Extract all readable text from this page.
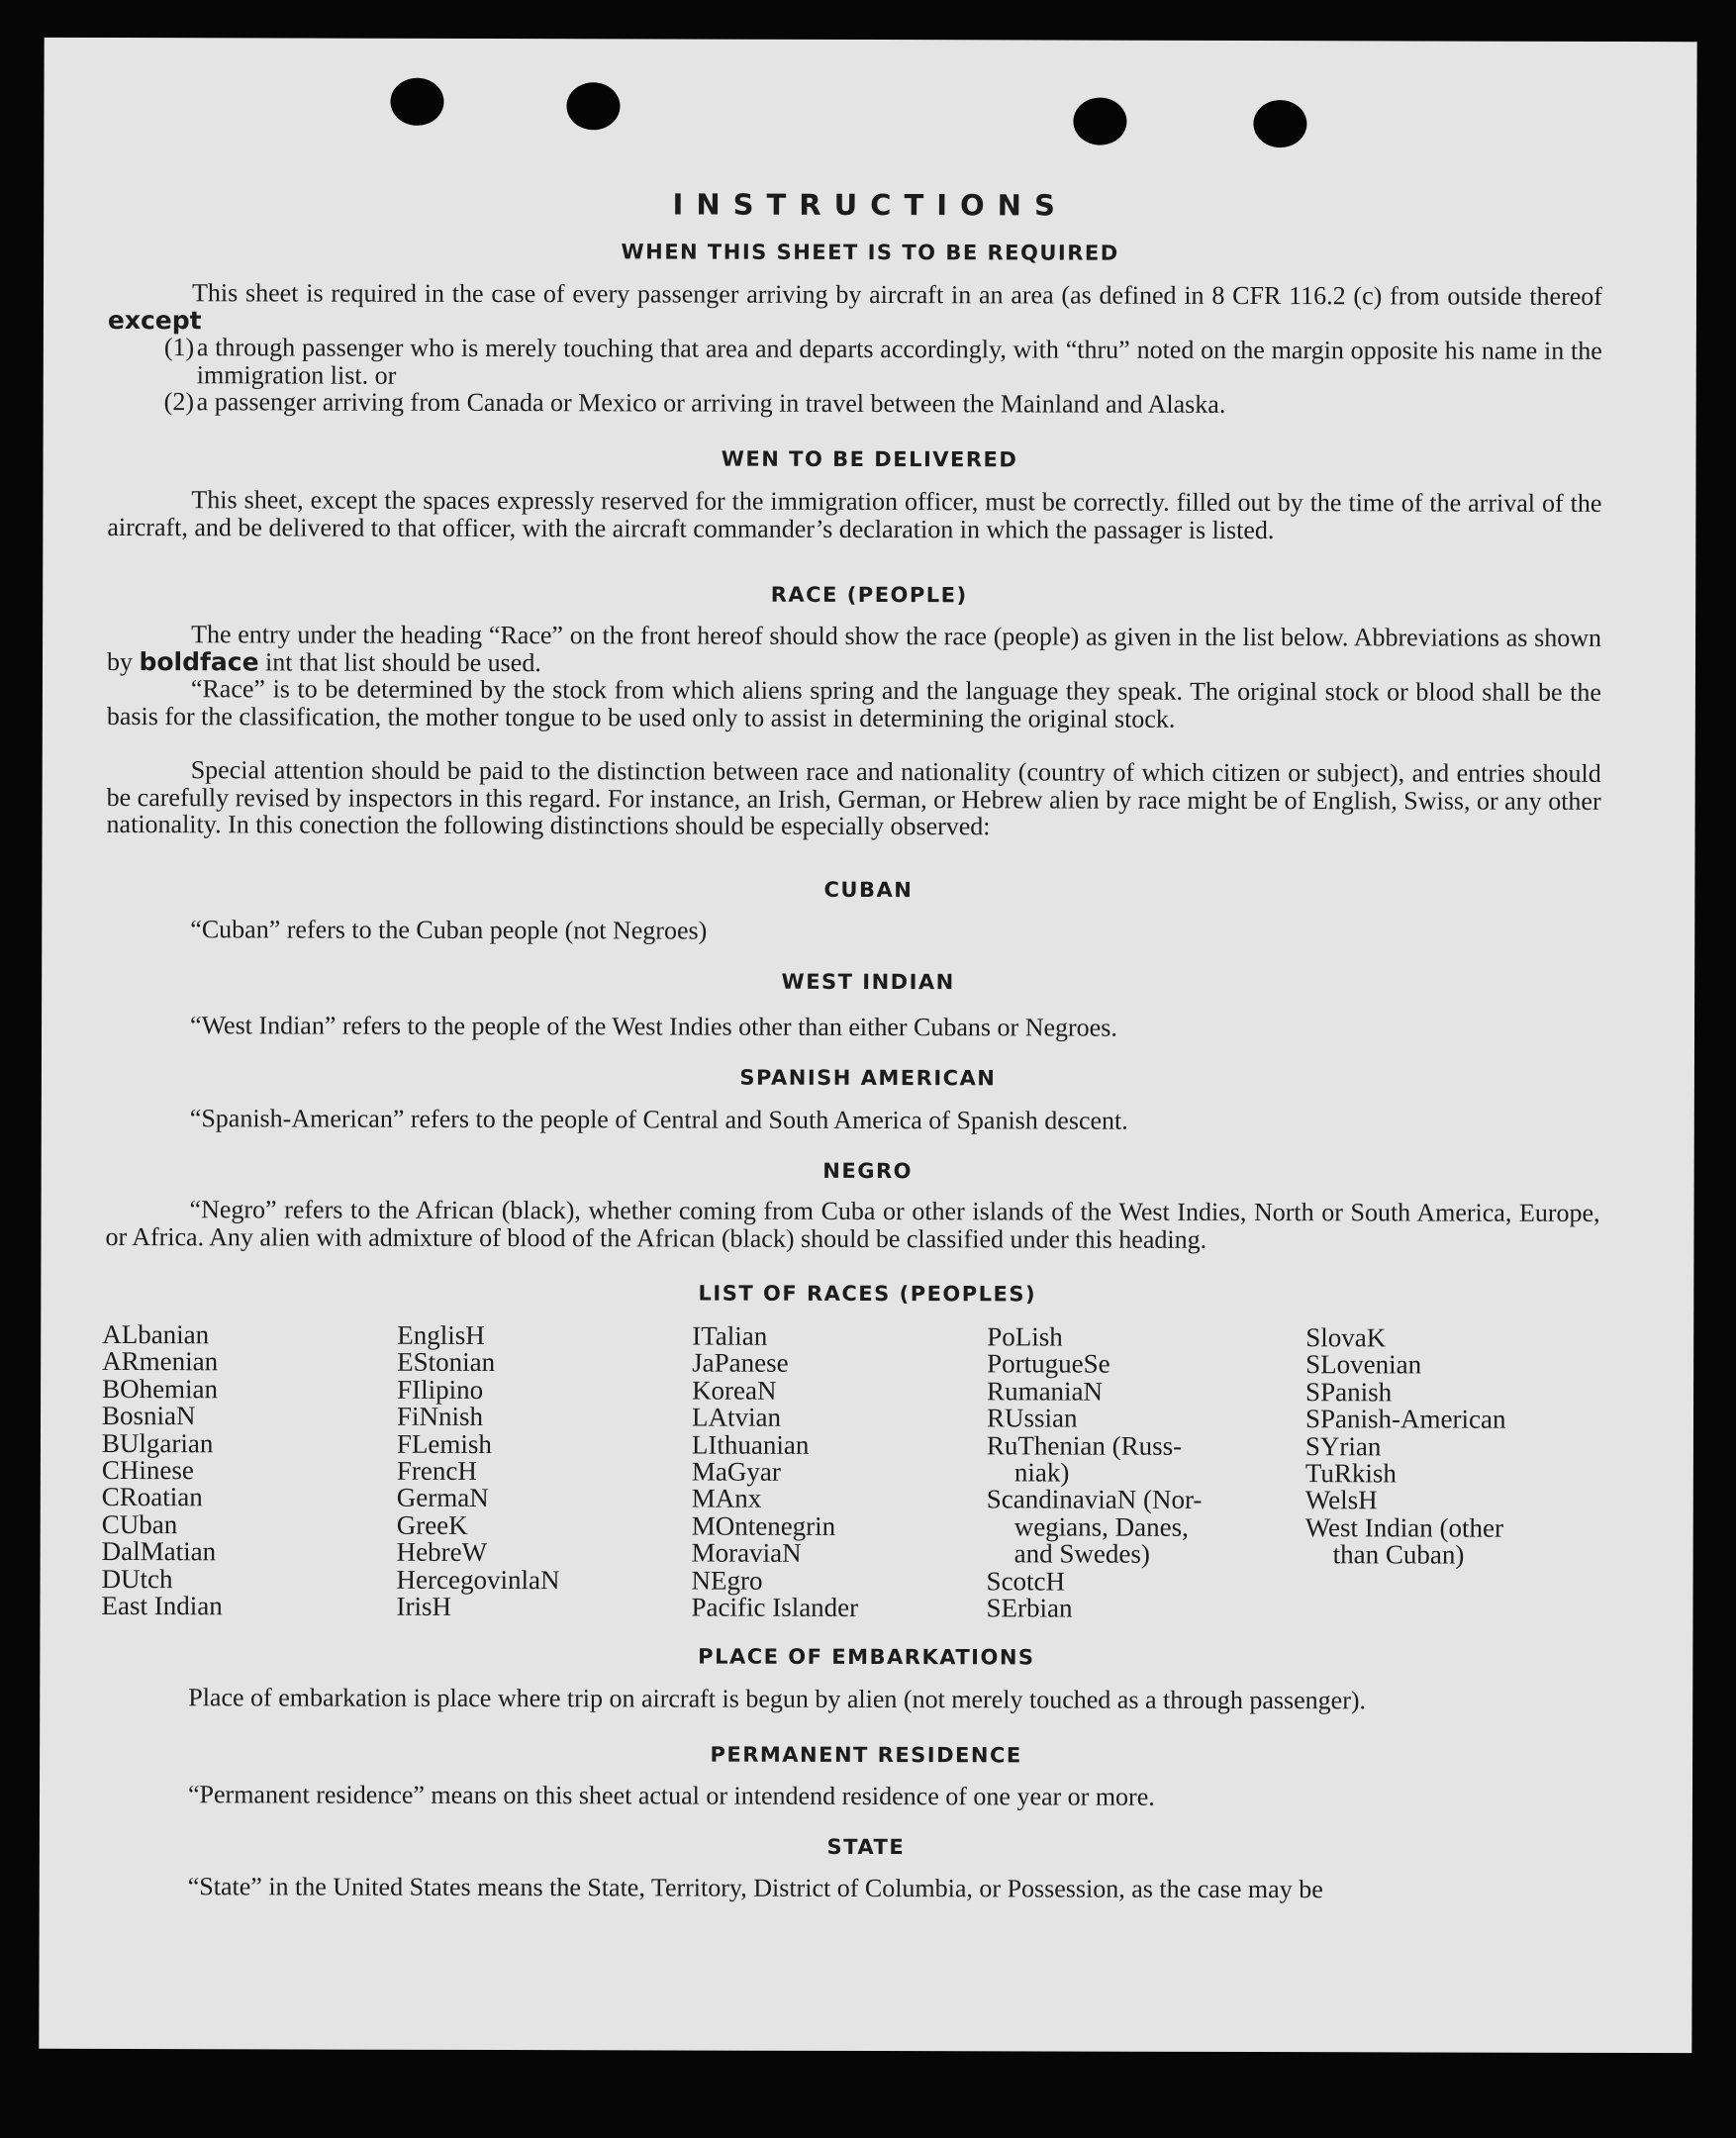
INSTRUCTIONS
WHEN THIS SHEET IS TO BE REQUIRED
This sheet is required in the case of every passenger arriving by aircraft in an area (as defined in 8 CFR 116.2 (c) from outside thereof except
(1) a through passenger who is merely touching that area and departs accordingly, with “thru” noted on the margin opposite his name in the immigration list. or
(2) a passenger arriving from Canada or Mexico or arriving in travel between the Mainland and Alaska.
WEN TO BE DELIVERED
This sheet, except the spaces expressly reserved for the immigration officer, must be correctly. filled out by the time of the arrival of the aircraft, and be delivered to that officer, with the aircraft commander’s declaration in which the passager is listed.
RACE (PEOPLE)
The entry under the heading “Race” on the front hereof should show the race (people) as given in the list below. Abbreviations as shown by boldface int that list should be used.
“Race” is to be determined by the stock from which aliens spring and the language they speak. The original stock or blood shall be the basis for the classification, the mother tongue to be used only to assist in determining the original stock.
Special attention should be paid to the distinction between race and nationality (country of which citizen or subject), and entries should be carefully revised by inspectors in this regard. For instance, an Irish, German, or Hebrew alien by race might be of English, Swiss, or any other nationality. In this conection the following distinctions should be especially observed:
CUBAN
“Cuban” refers to the Cuban people (not Negroes)
WEST INDIAN
“West Indian” refers to the people of the West Indies other than either Cubans or Negroes.
SPANISH AMERICAN
“Spanish-American” refers to the people of Central and South America of Spanish descent.
NEGRO
“Negro” refers to the African (black), whether coming from Cuba or other islands of the West Indies, North or South America, Europe, or Africa. Any alien with admixture of blood of the African (black) should be classified under this heading.
LIST OF RACES (PEOPLES)
ALbanian
ARmenian
BOhemian
BosniaN
BUlgarian
CHinese
CRoatian
CUban
DalMatian
DUtch
East Indian
EnglisH
EStonian
FIlipino
FiNnish
FLemish
FrencH
GermaN
GreeK
HebreW
HercegovinlaN
IrisH
ITalian
JaPanese
KoreaN
LAtvian
LIthuanian
MaGyar
MAnx
MOntenegrin
MoraviaN
NEgro
Pacific Islander
PoLish
PortugueSe
RumaniaN
RUssian
RuThenian (Russ-
niak)
ScandinaviaN (Nor-
wegians, Danes,
and Swedes)
ScotcH
SErbian
SlovaK
SLovenian
SPanish
SPanish-American
SYrian
TuRkish
WelsH
West Indian (other
than Cuban)
PLACE OF EMBARKATIONS
Place of embarkation is place where trip on aircraft is begun by alien (not merely touched as a through passenger).
PERMANENT RESIDENCE
“Permanent residence” means on this sheet actual or intendend residence of one year or more.
STATE
“State” in the United States means the State, Territory, District of Columbia, or Possession, as the case may be
